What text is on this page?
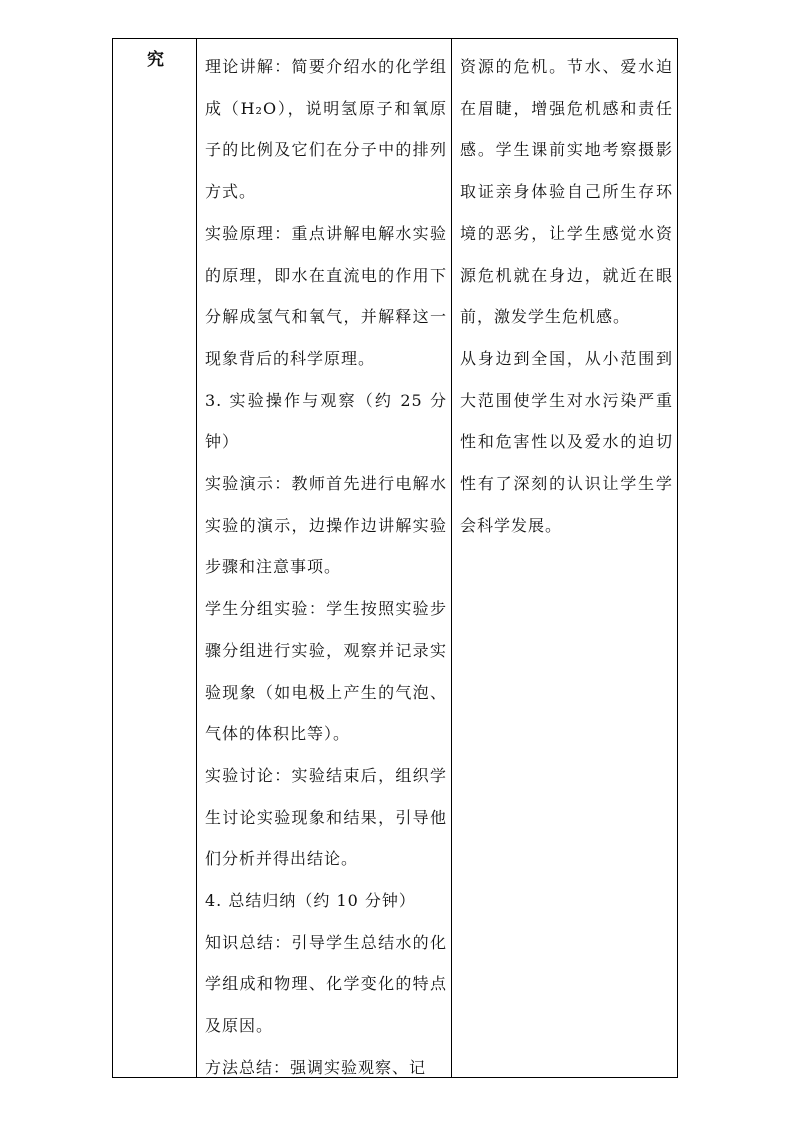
究	理论讲解：简要介绍水的化学组成（H₂O），说明氢原子和氧原子的比例及它们在分子中的排列方式。

实验原理：重点讲解电解水实验的原理，即水在直流电的作用下分解成氢气和氧气，并解释这一现象背后的科学原理。

3. 实验操作与观察（约 25 分钟）

实验演示：教师首先进行电解水实验的演示，边操作边讲解实验步骤和注意事项。

学生分组实验：学生按照实验步骤分组进行实验，观察并记录实验现象（如电极上产生的气泡、气体的体积比等）。

实验讨论：实验结束后，组织学生讨论实验现象和结果，引导他们分析并得出结论。

4. 总结归纳（约 10 分钟）

知识总结：引导学生总结水的化学组成和物理、化学变化的特点及原因。

方法总结：强调实验观察、记

资源的危机。节水、爱水迫在眉睫，增强危机感和责任感。学生课前实地考察摄影取证亲身体验自己所生存环境的恶劣，让学生感觉水资源危机就在身边，就近在眼前，激发学生危机感。

从身边到全国，从小范围到大范围使学生对水污染严重性和危害性以及爱水的迫切性有了深刻的认识让学生学会科学发展。
